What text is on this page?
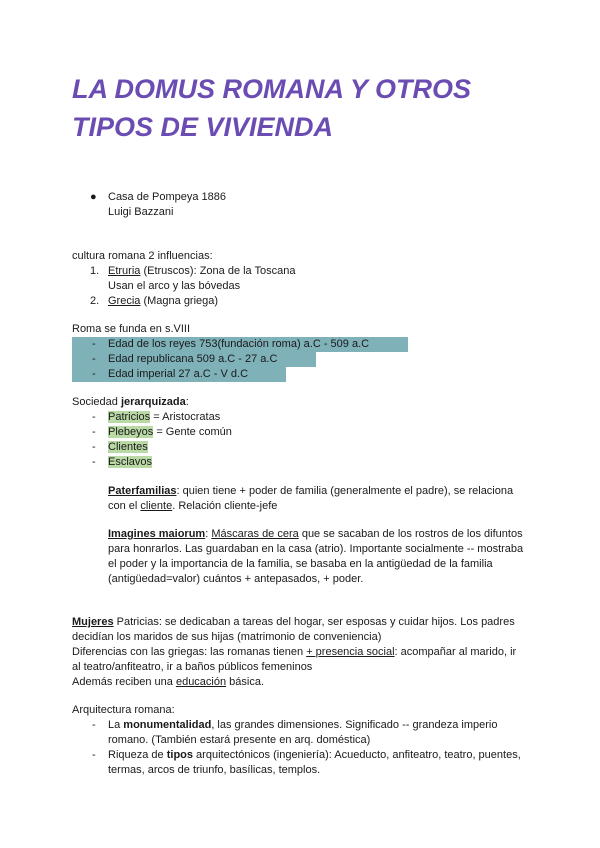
LA DOMUS ROMANA Y OTROS
TIPOS DE VIVIENDA
● Casa de Pompeya 1886
Luigi Bazzani
cultura romana 2 influencias:
1. Etruria (Etruscos): Zona de la Toscana
Usan el arco y las bóvedas
2. Grecia (Magna griega)
Roma se funda en s.VIII
- Edad de los reyes 753(fundación roma) a.C - 509 a.C
- Edad republicana 509 a.C - 27 a.C
- Edad imperial 27 a.C - V d.C
Sociedad jerarquizada:
- Patricios = Aristocratas
- Plebeyos = Gente común
- Clientes
- Esclavos
Paterfamilias: quien tiene + poder de familia (generalmente el padre), se relaciona
con el cliente. Relación cliente-jefe
Imagines maiorum: Máscaras de cera que se sacaban de los rostros de los difuntos
para honrarlos. Las guardaban en la casa (atrio). Importante socialmente -- mostraba
el poder y la importancia de la familia, se basaba en la antigüedad de la familia
(antigüedad=valor) cuántos + antepasados, + poder.
Mujeres Patricias: se dedicaban a tareas del hogar, ser esposas y cuidar hijos. Los padres
decidían los maridos de sus hijas (matrimonio de conveniencia)
Diferencias con las griegas: las romanas tienen + presencia social: acompañar al marido, ir
al teatro/anfiteatro, ir a baños públicos femeninos
Además reciben una educación básica.
Arquitectura romana:
- La monumentalidad, las grandes dimensiones. Significado -- grandeza imperio
romano. (También estará presente en arq. doméstica)
- Riqueza de tipos arquitectónicos (ingeniería): Acueducto, anfiteatro, teatro, puentes,
termas, arcos de triunfo, basílicas, templos.
